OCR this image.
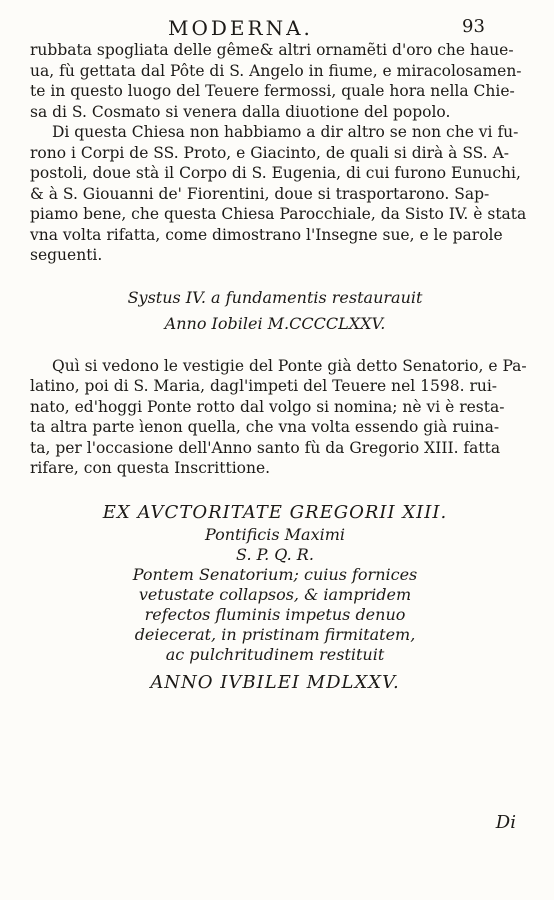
MODERNA.	93

rubbata spogliata delle gême& altri ornamẽti d'oro che haue-
ua, fù gettata dal Pôte di S. Angelo in fiume, e miracolosamen-
te in questo luogo del Teuere fermossi, quale hora nella Chie-
sa di S. Cosmato si venera dalla diuotione del popolo.

Di questa Chiesa non habbiamo a dir altro se non che vi fu-
rono i Corpi de SS. Proto, e Giacinto, de quali si dirà à SS. A-
postoli, doue stà il Corpo di S. Eugenia, di cui furono Eunuchi,
& à S. Giouanni de' Fiorentini, doue si trasportarono. Sap-
piamo bene, che questa Chiesa Parocchiale, da Sisto IV. è stata
vna volta rifatta, come dimostrano l'Insegne sue, e le parole
seguenti.

Systus IV. a fundamentis restaurauit
Anno Iobilei M.CCCCLXXV.

Quì si vedono le vestigie del Ponte già detto Senatorio, e Pa-
latino, poi di S. Maria, dagl'impeti del Teuere nel 1598. rui-
nato, ed'hoggi Ponte rotto dal volgo si nomina; nè vi è resta-
ta altra parte ìenon quella, che vna volta essendo già ruina-
ta, per l'occasione dell'Anno santo fù da Gregorio XIII. fatta
rifare, con questa Inscrittione.

EX AVCTORITATE GREGORII XIII.
Pontificis Maximi
S. P. Q. R.
Pontem Senatorium; cuius fornices
vetustate collapsos, & iampridem
refectos fluminis impetus denuo
deiecerat, in pristinam firmitatem,
ac pulchritudinem restituit
ANNO IVBILEI MDLXXV.
Di
